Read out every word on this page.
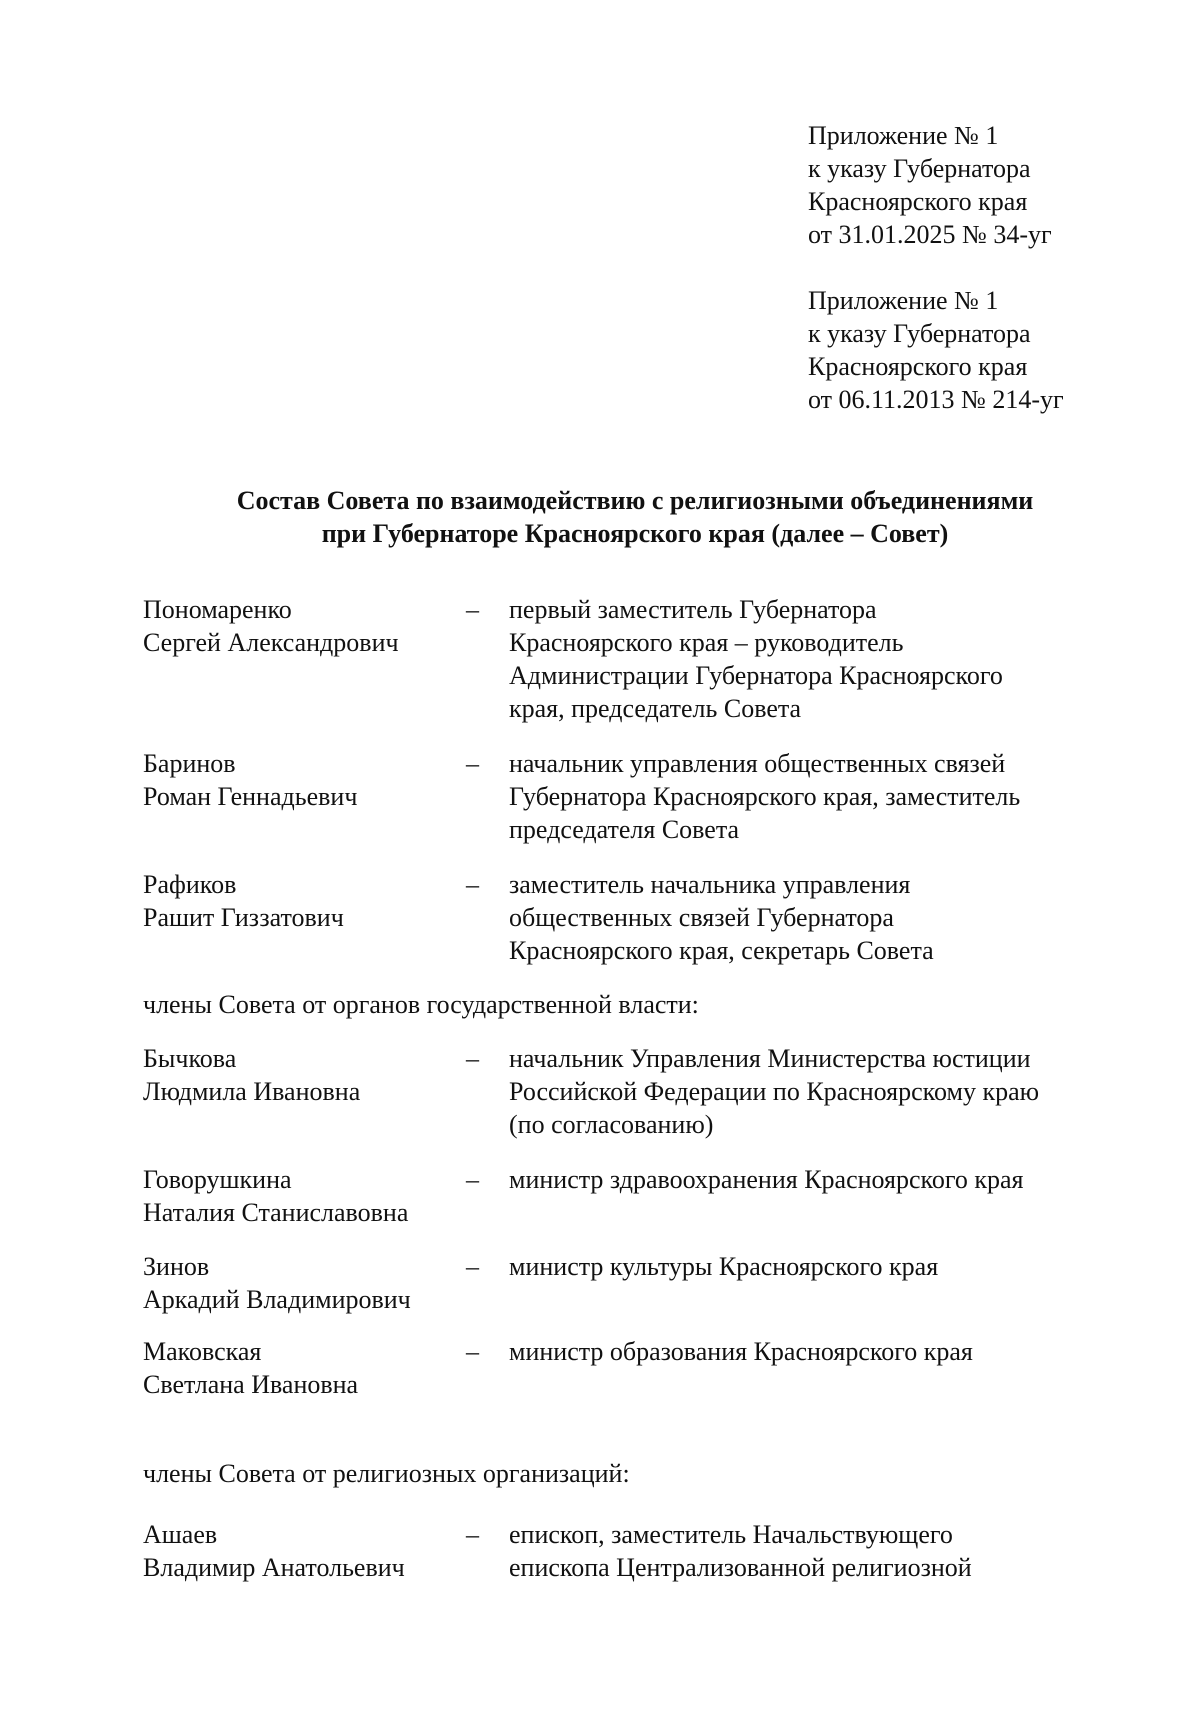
Приложение № 1
к указу Губернатора
Красноярского края
от 31.01.2025 № 34-уг
Приложение № 1
к указу Губернатора
Красноярского края
от 06.11.2013 № 214-уг
Состав Совета по взаимодействию с религиозными объединениями
при Губернаторе Красноярского края (далее – Совет)
Пономаренко
Сергей Александрович
– первый заместитель Губернатора
Красноярского края – руководитель
Администрации Губернатора Красноярского
края, председатель Совета
Баринов
Роман Геннадьевич
– начальник управления общественных связей
Губернатора Красноярского края, заместитель
председателя Совета
Рафиков
Рашит Гиззатович
– заместитель начальника управления
общественных связей Губернатора
Красноярского края, секретарь Совета
члены Совета от органов государственной власти:
Бычкова
Людмила Ивановна
– начальник Управления Министерства юстиции
Российской Федерации по Красноярскому краю
(по согласованию)
Говорушкина
Наталия Станиславовна
– министр здравоохранения Красноярского края
Зинов
Аркадий Владимирович
– министр культуры Красноярского края
Маковская
Светлана Ивановна
– министр образования Красноярского края
члены Совета от религиозных организаций:
Ашаев
Владимир Анатольевич
– епископ, заместитель Начальствующего
епископа Централизованной религиозной
